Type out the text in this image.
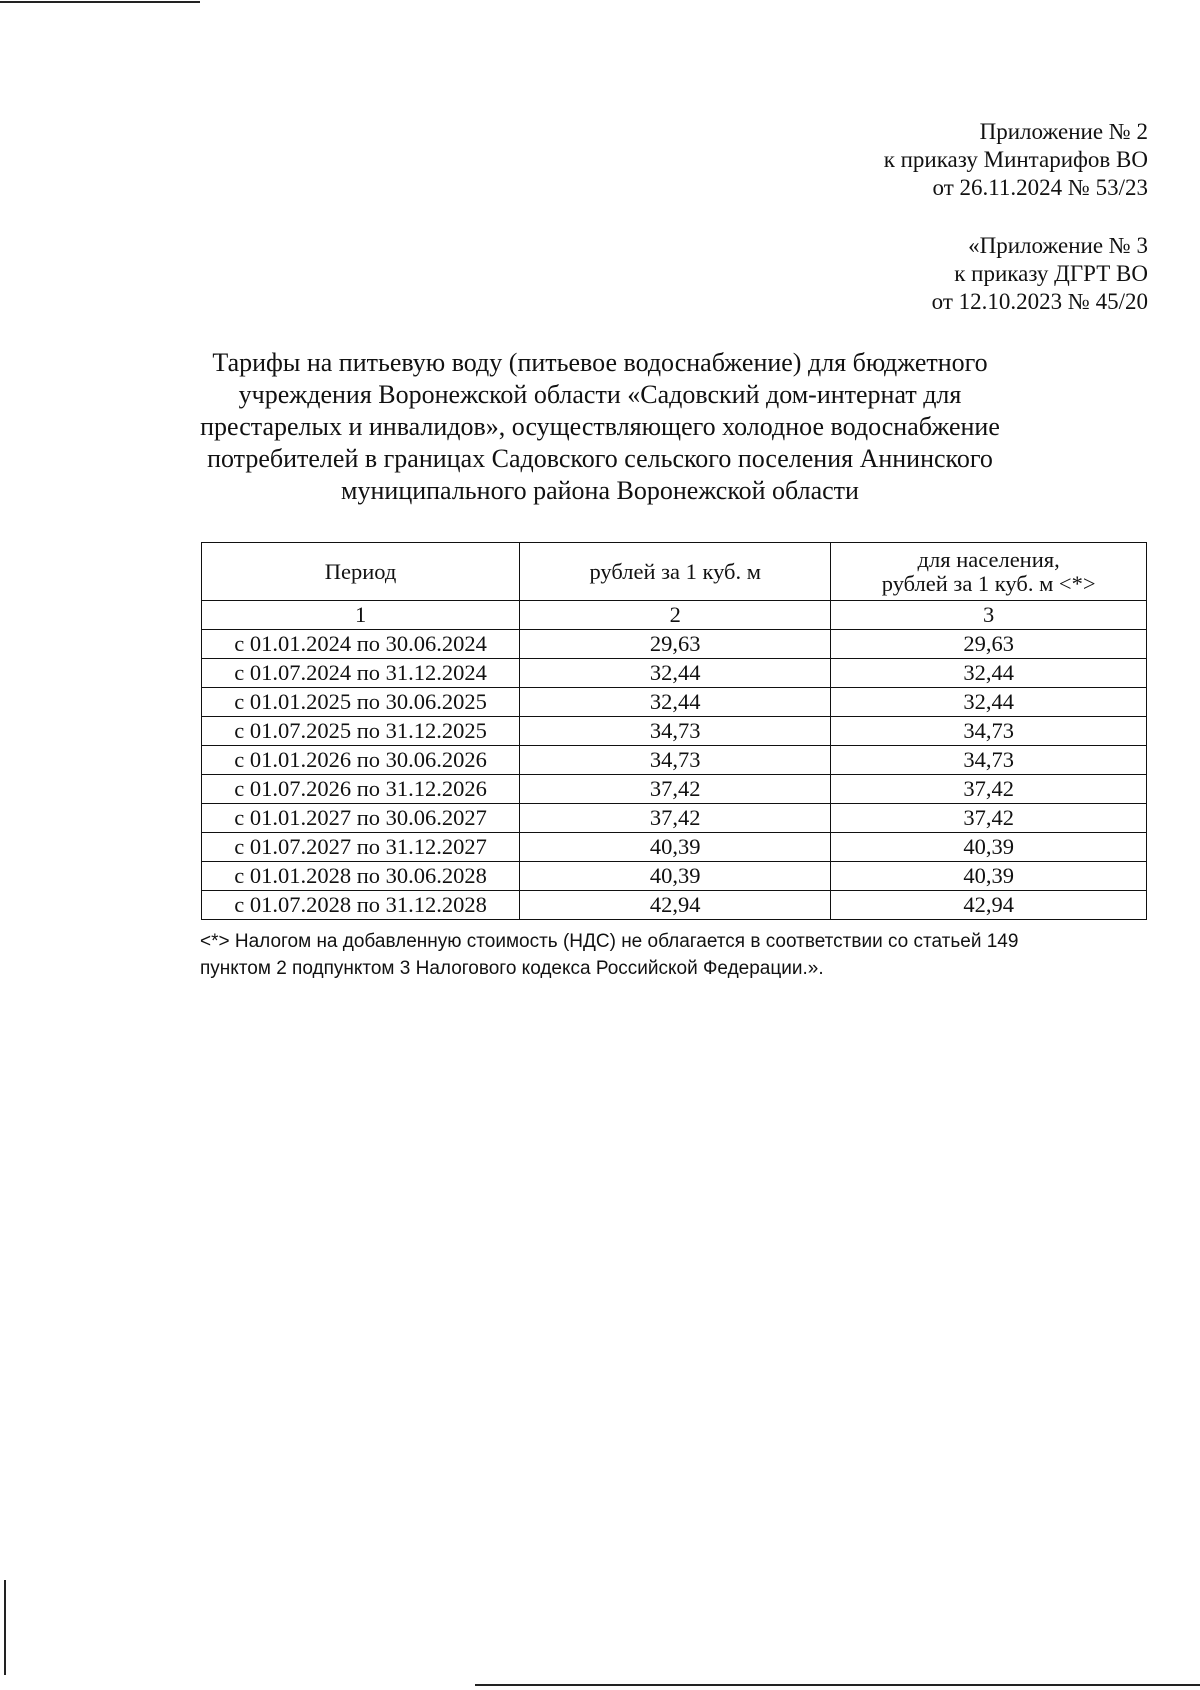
Приложение № 2
к приказу Минтарифов ВО
от 26.11.2024 № 53/23
«Приложение № 3
к приказу ДГРТ ВО
от 12.10.2023 № 45/20
Тарифы на питьевую воду (питьевое водоснабжение) для бюджетного
учреждения Воронежской области «Садовский дом-интернат для
престарелых и инвалидов», осуществляющего холодное водоснабжение
потребителей в границах Садовского сельского поселения Аннинского
муниципального района Воронежской области
Период	рублей за 1 куб. м	для населения,
рублей за 1 куб. м <*>

1	2	3
с 01.01.2024 по 30.06.2024	29,63	29,63
с 01.07.2024 по 31.12.2024	32,44	32,44
с 01.01.2025 по 30.06.2025	32,44	32,44
с 01.07.2025 по 31.12.2025	34,73	34,73
с 01.01.2026 по 30.06.2026	34,73	34,73
с 01.07.2026 по 31.12.2026	37,42	37,42
с 01.01.2027 по 30.06.2027	37,42	37,42
с 01.07.2027 по 31.12.2027	40,39	40,39
с 01.01.2028 по 30.06.2028	40,39	40,39
с 01.07.2028 по 31.12.2028	42,94	42,94
<*> Налогом на добавленную стоимость (НДС) не облагается в соответствии со статьей 149
пунктом 2 подпунктом 3 Налогового кодекса Российской Федерации.».
